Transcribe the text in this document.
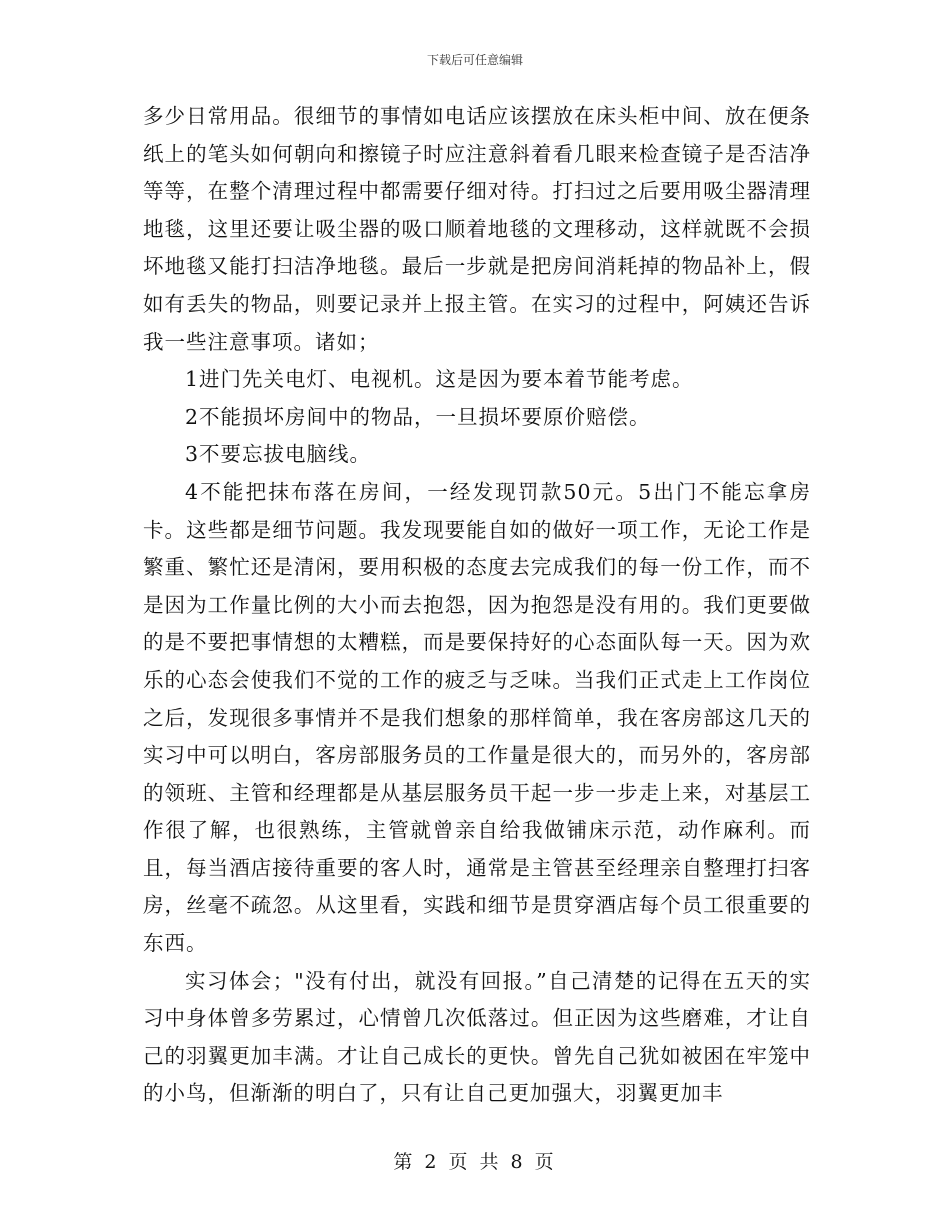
下载后可任意编辑

多少日常用品。很细节的事情如电话应该摆放在床头柜中间、放在便条纸上的笔头如何朝向和擦镜子时应注意斜着看几眼来检查镜子是否洁净等等，在整个清理过程中都需要仔细对待。打扫过之后要用吸尘器清理地毯，这里还要让吸尘器的吸口顺着地毯的文理移动，这样就既不会损坏地毯又能打扫洁净地毯。最后一步就是把房间消耗掉的物品补上，假如有丢失的物品，则要记录并上报主管。在实习的过程中，阿姨还告诉我一些注意事项。诸如；

1进门先关电灯、电视机。这是因为要本着节能考虑。

2不能损坏房间中的物品，一旦损坏要原价赔偿。

3不要忘拔电脑线。

4不能把抹布落在房间，一经发现罚款50元。5出门不能忘拿房卡。这些都是细节问题。我发现要能自如的做好一项工作，无论工作是繁重、繁忙还是清闲，要用积极的态度去完成我们的每一份工作，而不是因为工作量比例的大小而去抱怨，因为抱怨是没有用的。我们更要做的是不要把事情想的太糟糕，而是要保持好的心态面队每一天。因为欢乐的心态会使我们不觉的工作的疲乏与乏味。当我们正式走上工作岗位之后，发现很多事情并不是我们想象的那样简单，我在客房部这几天的实习中可以明白，客房部服务员的工作量是很大的，而另外的，客房部的领班、主管和经理都是从基层服务员干起一步一步走上来，对基层工作很了解，也很熟练，主管就曾亲自给我做铺床示范，动作麻利。而且，每当酒店接待重要的客人时，通常是主管甚至经理亲自整理打扫客房，丝毫不疏忽。从这里看，实践和细节是贯穿酒店每个员工很重要的东西。

实习体会；"没有付出，就没有回报。”自己清楚的记得在五天的实习中身体曾多劳累过，心情曾几次低落过。但正因为这些磨难，才让自己的羽翼更加丰满。才让自己成长的更快。曾先自己犹如被困在牢笼中的小鸟，但渐渐的明白了，只有让自己更加强大，羽翼更加丰

第 2 页 共 8 页
